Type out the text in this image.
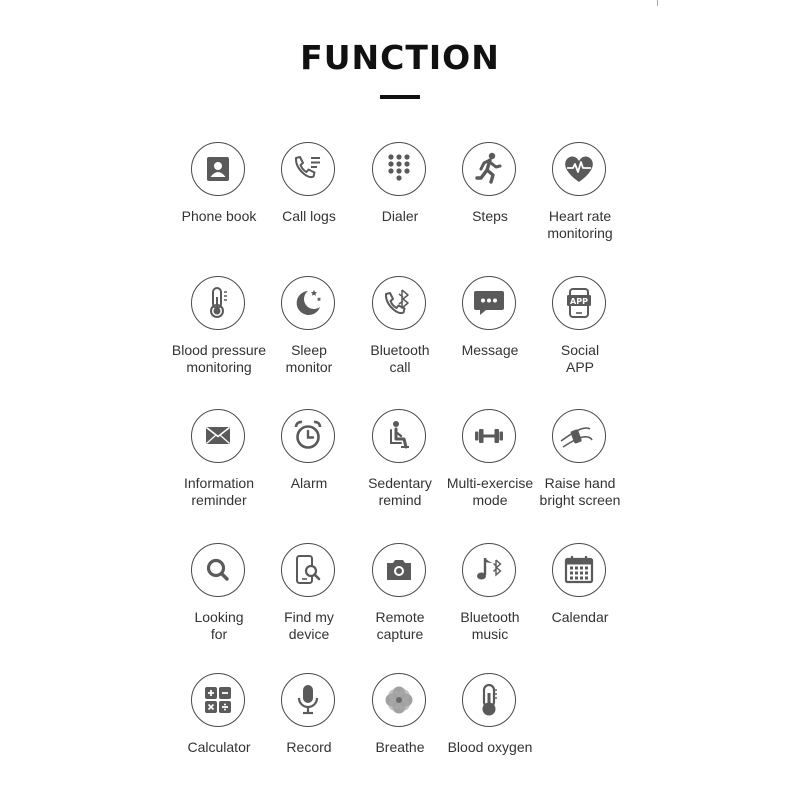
FUNCTION
Phone book	Call logs	Dialer	Steps	Heart rate
monitoring
Blood pressure
monitoring
Sleep
monitor
Bluetooth
call
Message
APP
Social
APP
Information
reminder
Alarm	Sedentary
remind
Multi-exercise
mode
Raise hand
bright screen
Looking
for
Find my
device
Remote
capture
Bluetooth
music
Calendar
Calculator	Record	Breathe	Blood oxygen
